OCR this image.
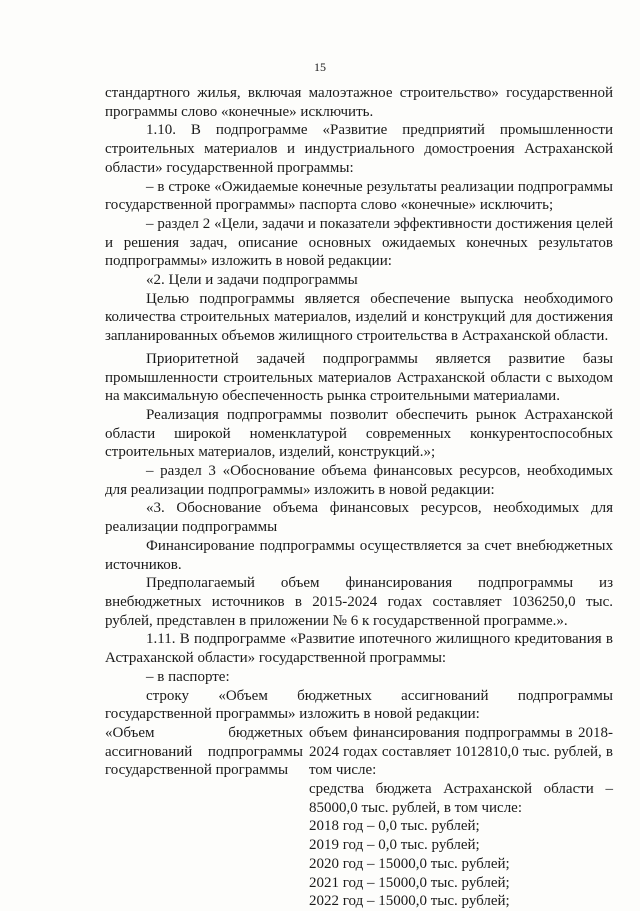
15

стандартного жилья, включая малоэтажное строительство» государственной программы слово «конечные» исключить.

1.10. В подпрограмме «Развитие предприятий промышленности строительных материалов и индустриального домостроения Астраханской области» государственной программы:

– в строке «Ожидаемые конечные результаты реализации подпрограммы государственной программы» паспорта слово «конечные» исключить;

– раздел 2 «Цели, задачи и показатели эффективности достижения целей и решения задач, описание основных ожидаемых конечных результатов подпрограммы» изложить в новой редакции:

«2. Цели и задачи подпрограммы

Целью подпрограммы является обеспечение выпуска необходимого количества строительных материалов, изделий и конструкций для достижения запланированных объемов жилищного строительства в Астраханской области.

Приоритетной задачей подпрограммы является развитие базы промышленности строительных материалов Астраханской области с выходом на максимальную обеспеченность рынка строительными материалами.

Реализация подпрограммы позволит обеспечить рынок Астраханской области широкой номенклатурой современных конкурентоспособных строительных материалов, изделий, конструкций.»;

– раздел 3 «Обоснование объема финансовых ресурсов, необходимых для реализации подпрограммы» изложить в новой редакции:

«3. Обоснование объема финансовых ресурсов, необходимых для реализации подпрограммы

Финансирование подпрограммы осуществляется за счет внебюджетных источников.

Предполагаемый объем финансирования подпрограммы из внебюджетных источников в 2015-2024 годах составляет 1036250,0 тыс. рублей, представлен в приложении № 6 к государственной программе.».

1.11. В подпрограмме «Развитие ипотечного жилищного кредитования в Астраханской области» государственной программы:

– в паспорте:

строку «Объем бюджетных ассигнований подпрограммы

государственной программы» изложить в новой редакции:

«Объем бюджетных ассигнований подпрограммы государственной программы
объем финансирования подпрограммы в 2018-2024 годах составляет 1012810,0 тыс. рублей, в том числе:
средства бюджета Астраханской области – 85000,0 тыс. рублей, в том числе:
2018 год – 0,0 тыс. рублей;
2019 год – 0,0 тыс. рублей;
2020 год – 15000,0 тыс. рублей;
2021 год – 15000,0 тыс. рублей;
2022 год – 15000,0 тыс. рублей;
